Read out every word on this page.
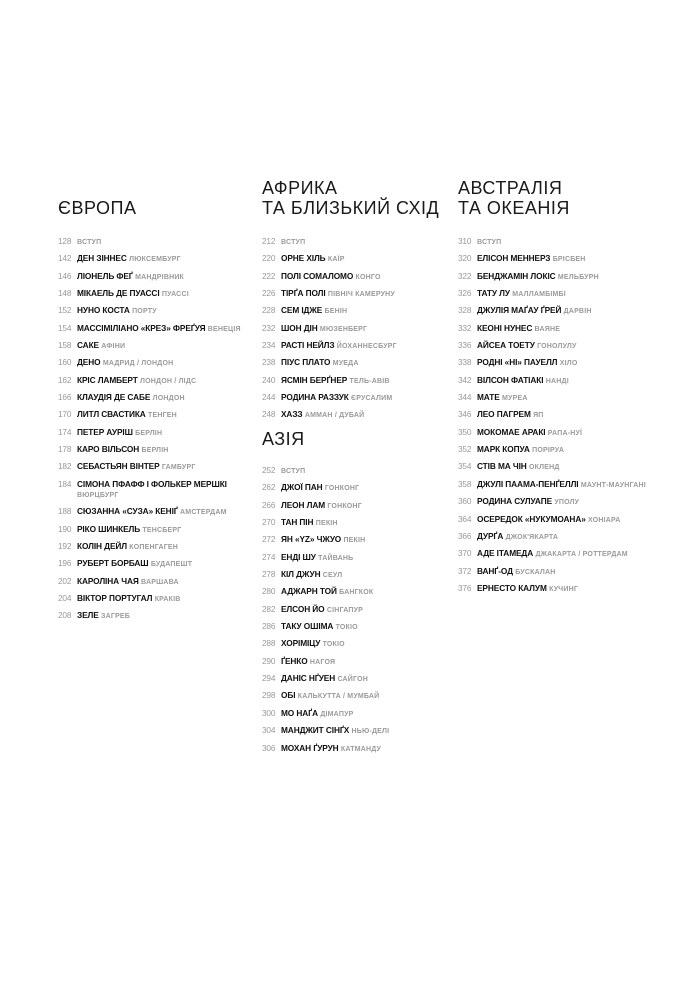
ЄВРОПА
128 ВСТУП
142 ДЕН ЗІННЕС ЛЮКСЕМБУРГ
146 ЛІОНЕЛЬ ФЕҐ МАНДРІВНИК
148 МІКАЕЛЬ ДЕ ПУАССІ ПУАССІ
152 НУНО КОСТА ПОРТУ
154 МАССІМІЛІАНО «КРЕЗ» ФРЕҐУЯ ВЕНЕЦІЯ
158 САКЕ АФІНИ
160 ДЕНО МАДРИД / ЛОНДОН
162 КРІС ЛАМБЕРТ ЛОНДОН / ЛІДС
166 КЛАУДІЯ ДЕ САБЕ ЛОНДОН
170 ЛИТЛ СВАСТИКА ТЕНГЕН
174 ПЕТЕР АУРІШ БЕРЛІН
178 КАРО ВІЛЬСОН БЕРЛІН
182 СЕБАСТЬЯН ВІНТЕР ГАМБУРГ
184 СІМОНА ПФАФФ І ФОЛЬКЕР МЕРШКІ ВЮРЦБУРГ
188 СЮЗАННА «СУЗА» КЕНІҐ АМСТЕРДАМ
190 РІКО ШИНКЕЛЬ ТЕНСБЕРГ
192 КОЛІН ДЕЙЛ КОПЕНГАГЕН
196 РУБЕРТ БОРБАШ БУДАПЕШТ
202 КАРОЛІНА ЧАЯ ВАРШАВА
204 ВІКТОР ПОРТУГАЛ КРАКІВ
208 ЗЕЛЕ ЗАГРЕБ
АФРИКА
ТА БЛИЗЬКИЙ СХІД
212 ВСТУП
220 ОРНЕ ХІЛЬ КАЇР
222 ПОЛІ СОМАЛОМО КОНГО
226 ТІРҐА ПОЛІ ПІВНІЧ КАМЕРУНУ
228 СЕМ ІДЖЕ БЕНІН
232 ШОН ДІН МЮЗЕНБЕРГ
234 РАСТІ НЕЙЛЗ ЙОХАННЕСБУРГ
238 ПІУС ПЛАТО МУЕДА
240 ЯСМІН БЕРҐНЕР ТЕЛЬ-АВІВ
244 РОДИНА РАЗЗУК ЄРУСАЛИМ
248 ХАЗЗ АММАН / ДУБАЙ
АЗІЯ
252 ВСТУП
262 ДЖОЇ ПАН ГОНКОНГ
266 ЛЕОН ЛАМ ГОНКОНГ
270 ТАН ПІН ПЕКІН
272 ЯН «YZ» ЧЖУО ПЕКІН
274 ЕНДІ ШУ ТАЙВАНЬ
278 КІЛ ДЖУН СЕУЛ
280 АДЖАРН ТОЙ БАНГКОК
282 ЕЛСОН ЙО СІНГАПУР
286 ТАКУ ОШІМА ТОКІО
288 ХОРІМІЦУ ТОКІО
290 ҐЕНКО НАГОЯ
294 ДАНІС НҐУЕН САЙГОН
298 ОБІ КАЛЬКУТТА / МУМБАЙ
300 МО НАҐА ДІМАПУР
304 МАНДЖИТ СІНҐХ НЬЮ-ДЕЛІ
306 МОХАН ҐУРУН КАТМАНДУ
АВСТРАЛІЯ
ТА ОКЕАНІЯ
310 ВСТУП
320 ЕЛІСОН МЕННЕРЗ БРІСБЕН
322 БЕНДЖАМІН ЛОКІС МЕЛЬБУРН
326 ТАТУ ЛУ МАЛЛАМБІМБІ
328 ДЖУЛІЯ МАҐАУ ҐРЕЙ ДАРВІН
332 КЕОНІ НУНЕС ВАЯНЕ
336 АЙСЕА ТОЕТУ ГОНОЛУЛУ
338 РОДНІ «НІ» ПАУЕЛЛ ХІЛО
342 ВІЛСОН ФАТІАКІ НАНДІ
344 МАТЕ МУРЕА
346 ЛЕО ПАГРЕМ ЯП
350 МОКОМАЕ АРАКІ РАПА-НУЇ
352 МАРК КОПУА ПОРІРУА
354 СТІВ МА ЧІН ОКЛЕНД
358 ДЖУЛІ ПААМА-ПЕНҐЕЛЛІ МАУНТ-МАУНГАНІ
360 РОДИНА СУЛУАПЕ УПОЛУ
364 ОСЕРЕДОК «НУКУМОАНА» ХОНІАРА
366 ДУРҐА ДЖОК'ЯКАРТА
370 АДЕ ІТАМЕДА ДЖАКАРТА / РОТТЕРДАМ
372 ВАНҐ-ОД БУСКАЛАН
376 ЕРНЕСТО КАЛУМ КУЧИНГ
